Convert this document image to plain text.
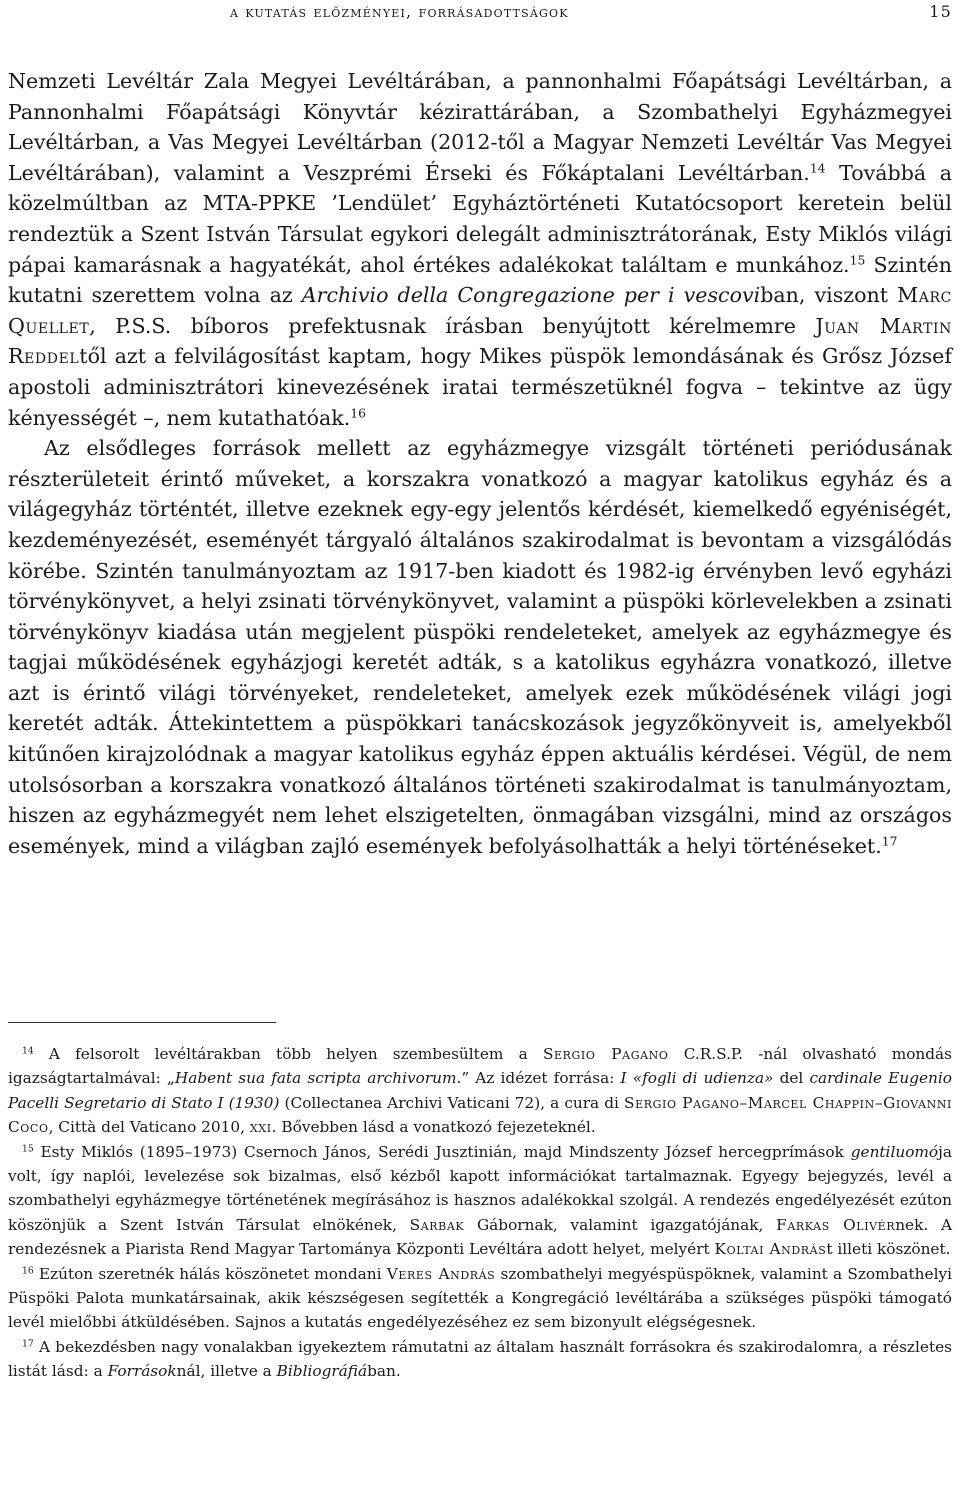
a kutatás előzményei, forrásadottságok	15

Nemzeti Levéltár Zala Megyei Levéltárában, a pannonhalmi Főapátsági Levéltárban, a Pannonhalmi Főapátsági Könyvtár kézirattárában, a Szombathelyi Egyházmegyei Levéltárban, a Vas Megyei Levéltárban (2012-től a Magyar Nemzeti Levéltár Vas Megyei Levéltárában), valamint a Veszprémi Érseki és Főkáptalani Levéltárban.$^{14}$ Továbbá a közelmúltban az MTA-PPKE ’Lendület’ Egyháztörténeti Kutatócsoport keretein belül rendeztük a Szent István Társulat egykori delegált adminisztrátorának, Esty Miklós világi pápai kamarásnak a hagyatékát, ahol értékes adalékokat találtam e munkához.$^{15}$ Szintén kutatni szerettem volna az Archivio della Congregazione per i vescoviban, viszont Marc Quellet, P.S.S. bíboros prefektusnak írásban benyújtott kérelmemre Juan Martin Reddeltől azt a felvilágosítást kaptam, hogy Mikes püspök lemondásának és Grősz József apostoli adminisztrátori kinevezésének iratai természetüknél fogva – tekintve az ügy kényességét –, nem kutathatóak.$^{16}$

Az elsődleges források mellett az egyházmegye vizsgált történeti periódusának részterületeit érintő műveket, a korszakra vonatkozó a magyar katolikus egyház és a világegyház történtét, illetve ezeknek egy-egy jelentős kérdését, kiemelkedő egyéniségét, kezdeményezését, eseményét tárgyaló általános szakirodalmat is bevontam a vizsgálódás körébe. Szintén tanulmányoztam az 1917-ben kiadott és 1982-ig érvényben levő egyházi törvénykönyvet, a helyi zsinati törvénykönyvet, valamint a püspöki körlevelekben a zsinati törvénykönyv kiadása után megjelent püspöki rendeleteket, amelyek az egyházmegye és tagjai működésének egyházjogi keretét adták, s a katolikus egyházra vonatkozó, illetve azt is érintő világi törvényeket, rendeleteket, amelyek ezek működésének világi jogi keretét adták. Áttekintettem a püspökkari tanácskozások jegyzőkönyveit is, amelyekből kitűnően kirajzolódnak a magyar katolikus egyház éppen aktuális kérdései. Végül, de nem utolsósorban a korszakra vonatkozó általános történeti szakirodalmat is tanulmányoztam, hiszen az egyházmegyét nem lehet elszigetelten, önmagában vizsgálni, mind az országos események, mind a világban zajló események befolyásolhatták a helyi történéseket.$^{17}$

$^{14}$ A felsorolt levéltárakban több helyen szembesültem a Sergio Pagano C.R.S.P. -nál olvasható mondás igazságtartalmával: „Habent sua fata scripta archivorum.” Az idézet forrása: I «fogli di udienza» del cardinale Eugenio Pacelli Segretario di Stato I (1930) (Collectanea Archivi Vaticani 72), a cura di Sergio Pagano–Marcel Chappin–Giovanni Coco, Città del Vaticano 2010, xxi. Bővebben lásd a vonatkozó fejezeteknél.

$^{15}$ Esty Miklós (1895–1973) Csernoch János, Serédi Jusztinián, majd Mindszenty József hercegprímások gentiluomója volt, így naplói, levelezése sok bizalmas, első kézből kapott információkat tartalmaznak. Egyegy bejegyzés, levél a szombathelyi egyházmegye történetének megírásához is hasznos adalékokkal szolgál. A rendezés engedélyezését ezúton köszönjük a Szent István Társulat elnökének, Sarbak Gábornak, valamint igazgatójának, Farkas Olivérnek. A rendezésnek a Piarista Rend Magyar Tartománya Központi Levéltára adott helyet, melyért Koltai Andrást illeti köszönet.

$^{16}$ Ezúton szeretnék hálás köszönetet mondani Veres András szombathelyi megyéspüspöknek, valamint a Szombathelyi Püspöki Palota munkatársainak, akik készségesen segítették a Kongregáció levéltárába a szükséges püspöki támogató levél mielőbbi átküldésében. Sajnos a kutatás engedélyezéséhez ez sem bizonyult elégségesnek.

$^{17}$ A bekezdésben nagy vonalakban igyekeztem rámutatni az általam használt forrásokra és szakirodalomra, a részletes listát lásd: a Forrásoknál, illetve a Bibliográfiában.
